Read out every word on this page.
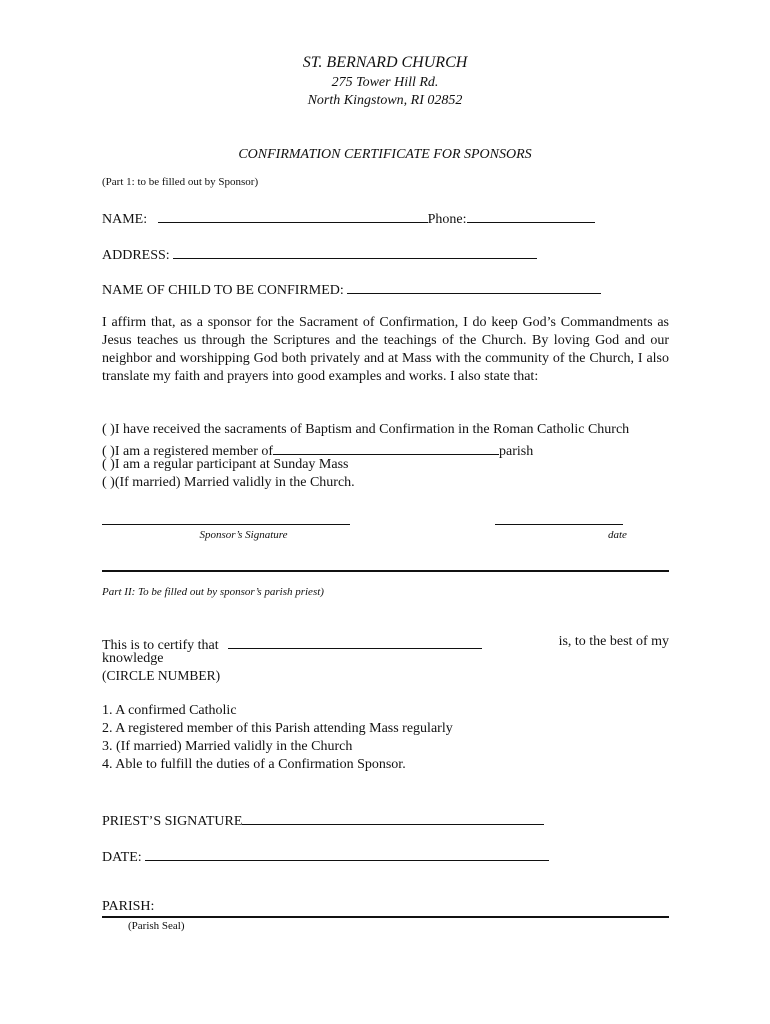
ST. BERNARD CHURCH
275 Tower Hill Rd.
North Kingstown, RI 02852
CONFIRMATION CERTIFICATE FOR SPONSORS
(Part 1: to be filled out by Sponsor)
NAME:	Phone:
ADDRESS:
NAME OF CHILD TO BE CONFIRMED:
I affirm that, as a sponsor for the Sacrament of Confirmation, I do keep God’s Commandments as Jesus teaches us through the Scriptures and the teachings of the Church. By loving God and our neighbor and worshipping God both privately and at Mass with the community of the Church, I also translate my faith and prayers into good examples and works. I also state that:
( )I have received the sacraments of Baptism and Confirmation in the Roman Catholic Church
( )I am a registered member of	parish
( )I am a regular participant at Sunday Mass
( )(If married) Married validly in the Church.
Sponsor’s Signature	date
Part II: To be filled out by sponsor’s parish priest)
This is to certify that	is, to the best of my
knowledge
(CIRCLE NUMBER)
1. A confirmed Catholic
2. A registered member of this Parish attending Mass regularly
3. (If married) Married validly in the Church
4. Able to fulfill the duties of a Confirmation Sponsor.
PRIEST’S SIGNATURE
DATE:
PARISH:
(Parish Seal)
